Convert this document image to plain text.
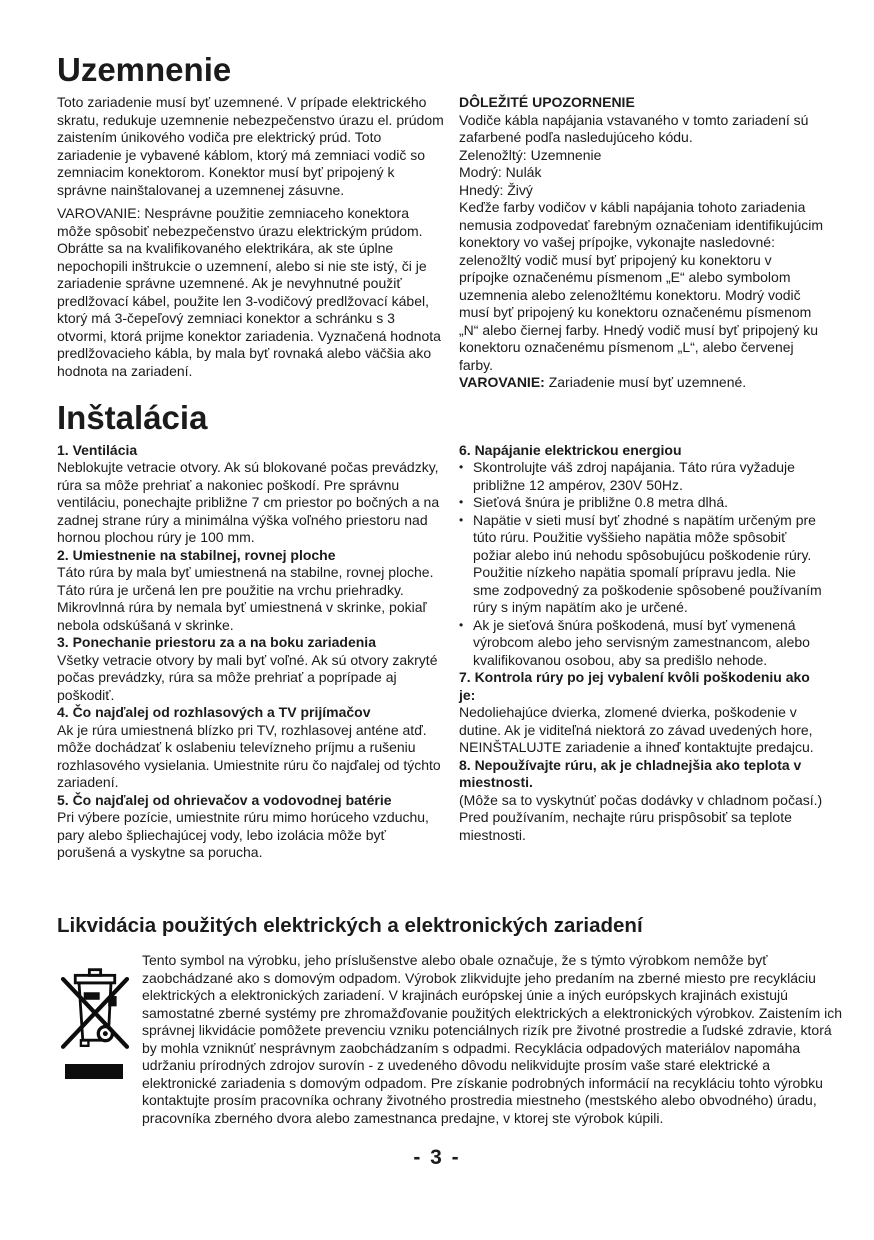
Uzemnenie

Toto zariadenie musí byť uzemnené. V prípade elektrického skratu, redukuje uzemnenie nebezpečenstvo úrazu el. prúdom zaistením únikového vodiča pre elektrický prúd. Toto zariadenie je vybavené káblom, ktorý má zemniaci vodič so zemniacim konektorom. Konektor musí byť pripojený k správne nainštalovanej a uzemnenej zásuvne.

VAROVANIE: Nesprávne použitie zemniaceho konektora môže spôsobiť nebezpečenstvo úrazu elektrickým prúdom. Obrátte sa na kvalifikovaného elektrikára, ak ste úplne nepochopili inštrukcie o uzemnení, alebo si nie ste istý, či je zariadenie správne uzemnené. Ak je nevyhnutné použiť predlžovací kábel, použite len 3-vodičový predlžovací kábel, ktorý má 3-čepeľový zemniaci konektor a schránku s 3 otvormi, ktorá prijme konektor zariadenia. Vyznačená hodnota predlžovacieho kábla, by mala byť rovnaká alebo väčšia ako hodnota na zariadení.

DÔLEŽITÉ UPOZORNENIE

Vodiče kábla napájania vstavaného v tomto zariadení sú zafarbené podľa nasledujúceho kódu.

Zelenožltý: Uzemnenie

Modrý: Nulák

Hnedý: Živý

Keďže farby vodičov v kábli napájania tohoto zariadenia nemusia zodpovedať farebným označeniam identifikujúcim konektory vo vašej prípojke, vykonajte nasledovné: zelenožltý vodič musí byť pripojený ku konektoru v prípojke označenému písmenom „E“ alebo symbolom uzemnenia alebo zelenožltému konektoru. Modrý vodič musí byť pripojený ku konektoru označenému písmenom „N“ alebo čiernej farby. Hnedý vodič musí byť pripojený ku konektoru označenému písmenom „L“, alebo červenej farby.

VAROVANIE: Zariadenie musí byť uzemnené.

Inštalácia
1. Ventilácia
Neblokujte vetracie otvory. Ak sú blokované počas prevádzky, rúra sa môže prehriať a nakoniec poškodí. Pre správnu ventiláciu, ponechajte približne 7 cm priestor po bočných a na zadnej strane rúry a minimálna výška voľného priestoru nad hornou plochou rúry je 100 mm.
2. Umiestnenie na stabilnej, rovnej ploche
Táto rúra by mala byť umiestnená na stabilne, rovnej ploche. Táto rúra je určená len pre použitie na vrchu priehradky. Mikrovlnná rúra by nemala byť umiestnená v skrinke, pokiaľ nebola odskúšaná v skrinke.
3. Ponechanie priestoru za a na boku zariadenia
Všetky vetracie otvory by mali byť voľné. Ak sú otvory zakryté počas prevádzky, rúra sa môže prehriať a poprípade aj poškodiť.
4. Čo najďalej od rozhlasových a TV prijímačov
Ak je rúra umiestnená blízko pri TV, rozhlasovej anténe atď. môže dochádzať k oslabeniu televízneho príjmu a rušeniu rozhlasového vysielania. Umiestnite rúru čo najďalej od týchto zariadení.
5. Čo najďalej od ohrievačov a vodovodnej batérie
Pri výbere pozície, umiestnite rúru mimo horúceho vzduchu, pary alebo špliechajúcej vody, lebo izolácia môže byť porušená a vyskytne sa porucha.
6. Napájanie elektrickou energiou
• Skontrolujte váš zdroj napájania. Táto rúra vyžaduje približne 12 ampérov, 230V 50Hz.
• Sieťová šnúra je približne 0.8 metra dlhá.
• Napätie v sieti musí byť zhodné s napätím určeným pre túto rúru. Použitie vyššieho napätia môže spôsobiť požiar alebo inú nehodu spôsobujúcu poškodenie rúry. Použitie nízkeho napätia spomalí prípravu jedla. Nie sme zodpovedný za poškodenie spôsobené používaním rúry s iným napätím ako je určené.
• Ak je sieťová šnúra poškodená, musí byť vymenená výrobcom alebo jeho servisným zamestnancom, alebo kvalifikovanou osobou, aby sa predišlo nehode.
7. Kontrola rúry po jej vybalení kvôli poškodeniu ako je:
Nedoliehajúce dvierka, zlomené dvierka, poškodenie v dutine. Ak je viditeľná niektorá zo závad uvedených hore, NEINŠTALUJTE zariadenie a ihneď kontaktujte predajcu.
8. Nepoužívajte rúru, ak je chladnejšia ako teplota v miestnosti.
(Môže sa to vyskytnúť počas dodávky v chladnom počasí.) Pred používaním, nechajte rúru prispôsobiť sa teplote miestnosti.
Likvidácia použitých elektrických a elektronických zariadení

Tento symbol na výrobku, jeho príslušenstve alebo obale označuje, že s týmto výrobkom nemôže byť zaobchádzané ako s domovým odpadom. Výrobok zlikvidujte jeho predaním na zberné miesto pre recykláciu elektrických a elektronických zariadení. V krajinách európskej únie a iných európskych krajinách existujú samostatné zberné systémy pre zhromažďovanie použitých elektrických a elektronických výrobkov. Zaistením ich správnej likvidácie pomôžete prevenciu vzniku potenciálnych rizík pre životné prostredie a ľudské zdravie, ktorá by mohla vzniknúť nesprávnym zaobchádzaním s odpadmi. Recyklácia odpadových materiálov napomáha udržaniu prírodných zdrojov surovín - z uvedeného dôvodu nelikvidujte prosím vaše staré elektrické a elektronické zariadenia s domovým odpadom. Pre získanie podrobných informácií na recykláciu tohto výrobku kontaktujte prosím pracovníka ochrany životného prostredia miestneho (mestského alebo obvodného) úradu, pracovníka zberného dvora alebo zamestnanca predajne, v ktorej ste výrobok kúpili.

- 3 -
